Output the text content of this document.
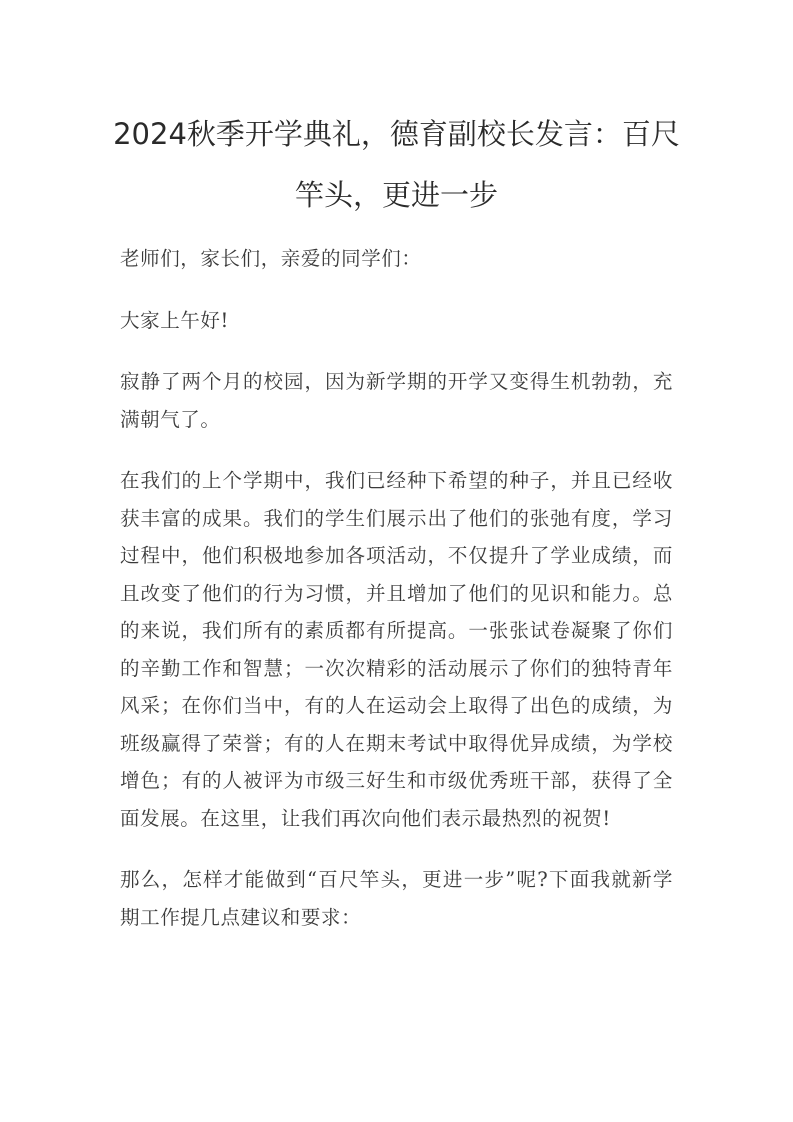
2024秋季开学典礼，德育副校长发言：百尺竿头，更进一步

老师们，家长们，亲爱的同学们：

大家上午好!

寂静了两个月的校园，因为新学期的开学又变得生机勃勃，充满朝气了。

在我们的上个学期中，我们已经种下希望的种子，并且已经收获丰富的成果。我们的学生们展示出了他们的张弛有度，学习过程中，他们积极地参加各项活动，不仅提升了学业成绩，而且改变了他们的行为习惯，并且增加了他们的见识和能力。总的来说，我们所有的素质都有所提高。一张张试卷凝聚了你们的辛勤工作和智慧；一次次精彩的活动展示了你们的独特青年风采；在你们当中，有的人在运动会上取得了出色的成绩，为班级赢得了荣誉；有的人在期末考试中取得优异成绩，为学校增色；有的人被评为市级三好生和市级优秀班干部，获得了全面发展。在这里，让我们再次向他们表示最热烈的祝贺!

那么，怎样才能做到“百尺竿头，更进一步”呢?下面我就新学期工作提几点建议和要求：
